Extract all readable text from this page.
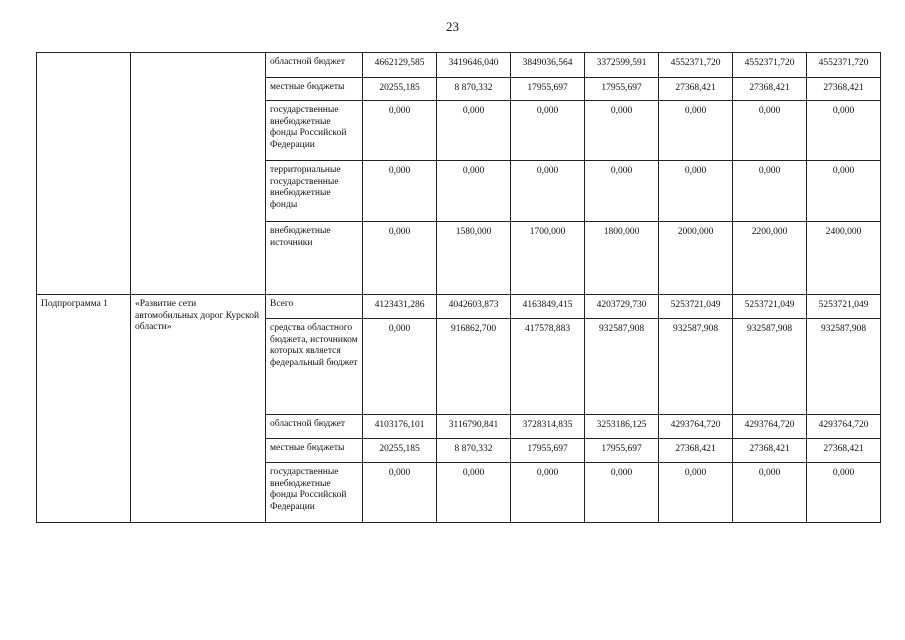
23
		областной бюджет	4662129,585	3419646,040	3849036,564	3372599,591	4552371,720	4552371,720	4552371,720
		местные бюджеты	20255,185	8 870,332	17955,697	17955,697	27368,421	27368,421	27368,421
		государственные внебюджетные фонды Российской Федерации	0,000	0,000	0,000	0,000	0,000	0,000	0,000
		территориальные государственные внебюджетные фонды	0,000	0,000	0,000	0,000	0,000	0,000	0,000
		внебюджетные источники	0,000	1580,000	1700,000	1800,000	2000,000	2200,000	2400,000
Подпрограмма 1	«Развитие сети автомобильных дорог Курской области»	Всего	4123431,286	4042603,873	4163849,415	4203729,730	5253721,049	5253721,049	5253721,049
		средства областного бюджета, источником которых является федеральный бюджет	0,000	916862,700	417578,883	932587,908	932587,908	932587,908	932587,908
		областной бюджет	4103176,101	3116790,841	3728314,835	3253186,125	4293764,720	4293764,720	4293764,720
		местные бюджеты	20255,185	8 870,332	17955,697	17955,697	27368,421	27368,421	27368,421
		государственные внебюджетные фонды Российской Федерации	0,000	0,000	0,000	0,000	0,000	0,000	0,000
